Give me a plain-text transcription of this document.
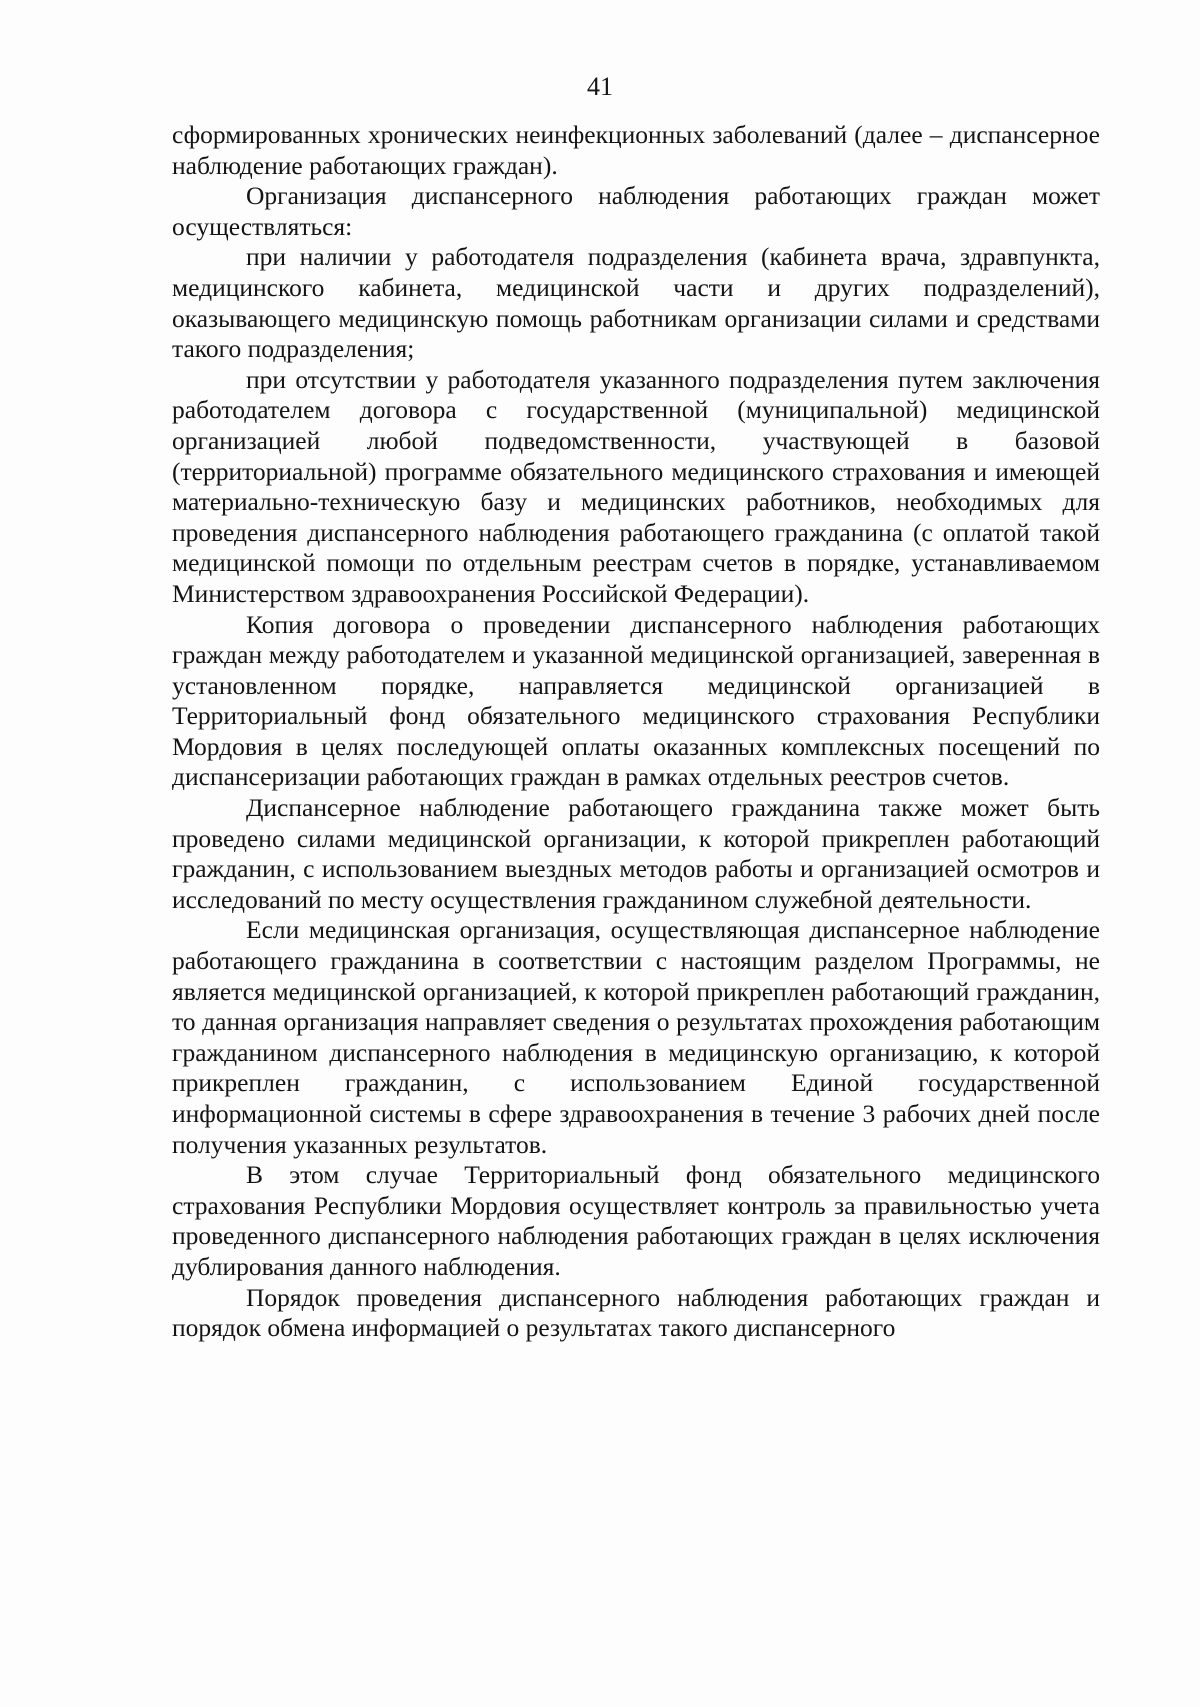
41

сформированных хронических неинфекционных заболеваний (далее – диспансерное наблюдение работающих граждан).

Организация диспансерного наблюдения работающих граждан может осуществляться:

при наличии у работодателя подразделения (кабинета врача, здравпункта, медицинского кабинета, медицинской части и других подразделений), оказывающего медицинскую помощь работникам организации силами и средствами такого подразделения;

при отсутствии у работодателя указанного подразделения путем заключения работодателем договора с государственной (муниципальной) медицинской организацией любой подведомственности, участвующей в базовой (территориальной) программе обязательного медицинского страхования и имеющей материально-техническую базу и медицинских работников, необходимых для проведения диспансерного наблюдения работающего гражданина (с оплатой такой медицинской помощи по отдельным реестрам счетов в порядке, устанавливаемом Министерством здравоохранения Российской Федерации).

Копия договора о проведении диспансерного наблюдения работающих граждан между работодателем и указанной медицинской организацией, заверенная в установленном порядке, направляется медицинской организацией в Территориальный фонд обязательного медицинского страхования Республики Мордовия в целях последующей оплаты оказанных комплексных посещений по диспансеризации работающих граждан в рамках отдельных реестров счетов.

Диспансерное наблюдение работающего гражданина также может быть проведено силами медицинской организации, к которой прикреплен работающий гражданин, с использованием выездных методов работы и организацией осмотров и исследований по месту осуществления гражданином служебной деятельности.

Если медицинская организация, осуществляющая диспансерное наблюдение работающего гражданина в соответствии с настоящим разделом Программы, не является медицинской организацией, к которой прикреплен работающий гражданин, то данная организация направляет сведения о результатах прохождения работающим гражданином диспансерного наблюдения в медицинскую организацию, к которой прикреплен гражданин, с использованием Единой государственной информационной системы в сфере здравоохранения в течение 3 рабочих дней после получения указанных результатов.

В этом случае Территориальный фонд обязательного медицинского страхования Республики Мордовия осуществляет контроль за правильностью учета проведенного диспансерного наблюдения работающих граждан в целях исключения дублирования данного наблюдения.

Порядок проведения диспансерного наблюдения работающих граждан и порядок обмена информацией о результатах такого диспансерного
